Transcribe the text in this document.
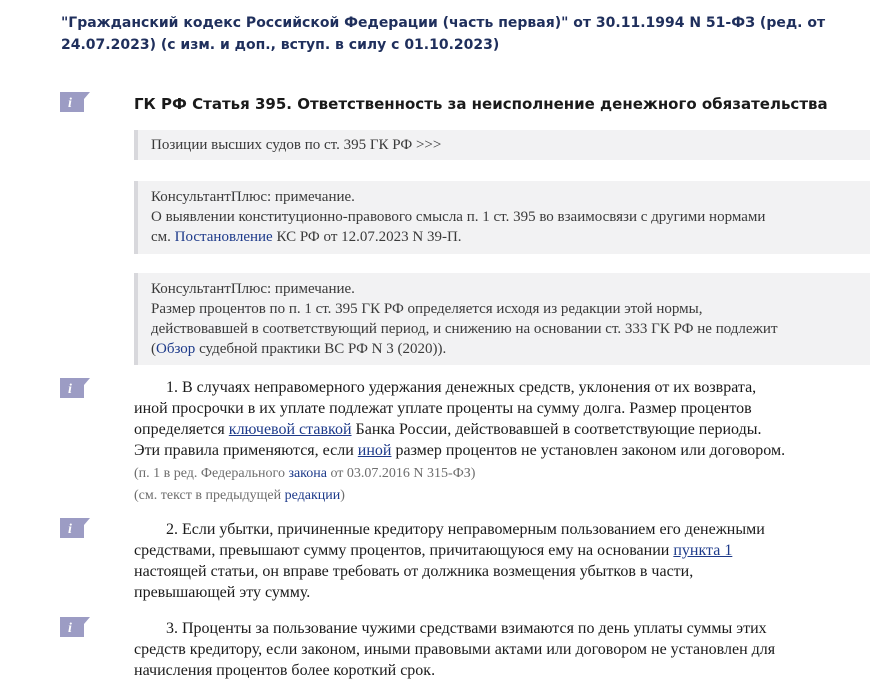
"Гражданский кодекс Российской Федерации (часть первая)" от 30.11.1994 N 51-ФЗ (ред. от 24.07.2023) (с изм. и доп., вступ. в силу с 01.10.2023)
i
i
i
i
ГК РФ Статья 395. Ответственность за неисполнение денежного обязательства
Позиции высших судов по ст. 395 ГК РФ >>>
КонсультантПлюс: примечание.
О выявлении конституционно-правового смысла п. 1 ст. 395 во взаимосвязи с другими нормами
см. Постановление КС РФ от 12.07.2023 N 39-П.
КонсультантПлюс: примечание.
Размер процентов по п. 1 ст. 395 ГК РФ определяется исходя из редакции этой нормы,
действовавшей в соответствующий период, и снижению на основании ст. 333 ГК РФ не подлежит
(Обзор судебной практики ВС РФ N 3 (2020)).
1. В случаях неправомерного удержания денежных средств, уклонения от их возврата,
иной просрочки в их уплате подлежат уплате проценты на сумму долга. Размер процентов
определяется ключевой ставкой Банка России, действовавшей в соответствующие периоды.
Эти правила применяются, если иной размер процентов не установлен законом или договором.
(п. 1 в ред. Федерального закона от 03.07.2016 N 315-ФЗ)
(см. текст в предыдущей редакции)
2. Если убытки, причиненные кредитору неправомерным пользованием его денежными
средствами, превышают сумму процентов, причитающуюся ему на основании пункта 1
настоящей статьи, он вправе требовать от должника возмещения убытков в части,
превышающей эту сумму.
3. Проценты за пользование чужими средствами взимаются по день уплаты суммы этих
средств кредитору, если законом, иными правовыми актами или договором не установлен для
начисления процентов более короткий срок.
